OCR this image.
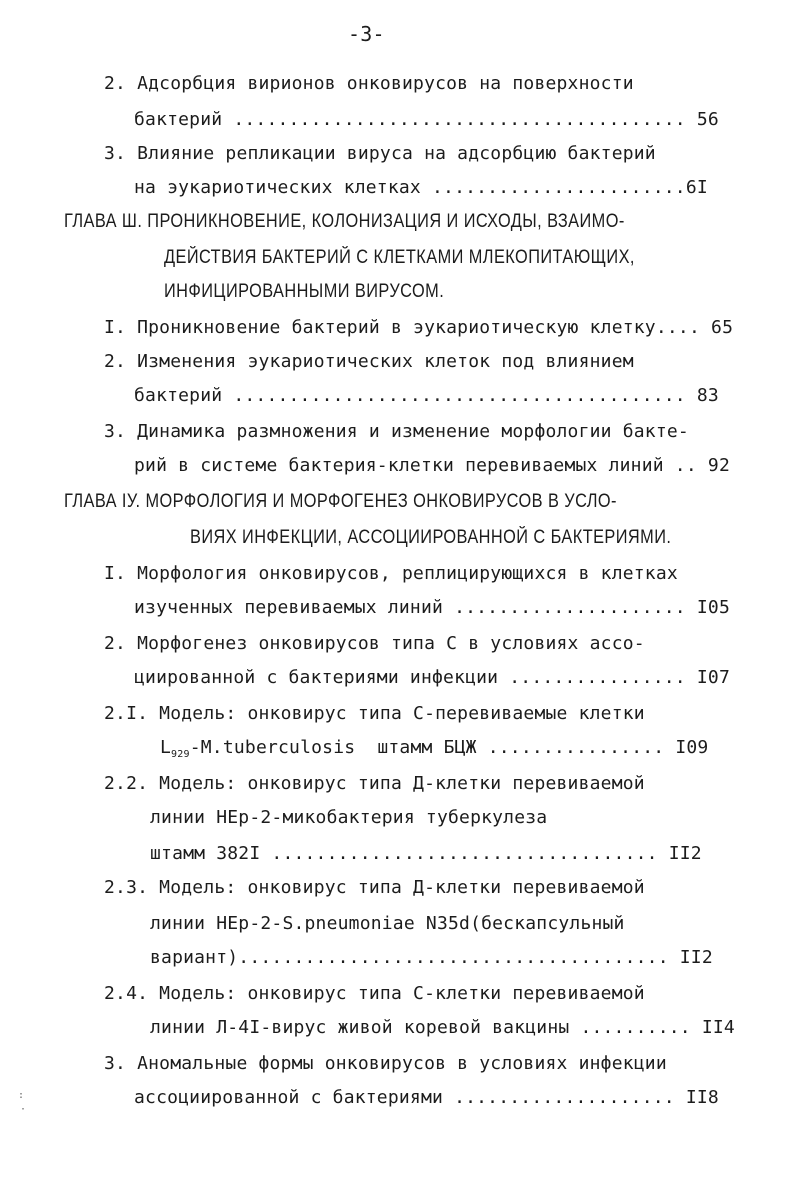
-3-
2. Адсорбция вирионов онковирусов на поверхности
бактерий ......................................... 56
3. Влияние репликации вируса на адсорбцию бактерий
на эукариотических клетках .......................6I
ГЛАВА Ш. ПРОНИКНОВЕНИЕ, КОЛОНИЗАЦИЯ И ИСХОДЫ, ВЗАИМО-
ДЕЙСТВИЯ БАКТЕРИЙ С КЛЕТКАМИ МЛЕКОПИТАЮЩИХ,
ИНФИЦИРОВАННЫМИ ВИРУСОМ.
I. Проникновение бактерий в эукариотическую клетку.... 65
2. Изменения эукариотических клеток под влиянием
бактерий ......................................... 83
3. Динамика размножения и изменение морфологии бакте-
рий в системе бактерия-клетки перевиваемых линий .. 92
ГЛАВА IУ. МОРФОЛОГИЯ И МОРФОГЕНЕЗ ОНКОВИРУСОВ В УСЛО-
ВИЯХ ИНФЕКЦИИ, АССОЦИИРОВАННОЙ С БАКТЕРИЯМИ.
I. Морфология онковирусов, реплицирующихся в клетках
изученных перевиваемых линий ..................... I05
2. Морфогенез онковирусов типа С в условиях ассо-
циированной с бактериями инфекции ................ I07
2.I. Модель: онковирус типа С-перевиваемые клетки
$L_{929}-M.tuberculosis$  штамм БЦЖ ................ I09
2.2. Модель: онковирус типа Д-клетки перевиваемой
линии НЕр-2-микобактерия туберкулеза
штамм 382I ................................... II2
2.3. Модель: онковирус типа Д-клетки перевиваемой
линии НЕр-2-S.pneumoniae N35d(бескапсульный
вариант)....................................... II2
2.4. Модель: онковирус типа С-клетки перевиваемой
линии Л-4I-вирус живой коревой вакцины .......... II4
3. Аномальные формы онковирусов в условиях инфекции
ассоциированной с бактериями .................... II8
:
·
